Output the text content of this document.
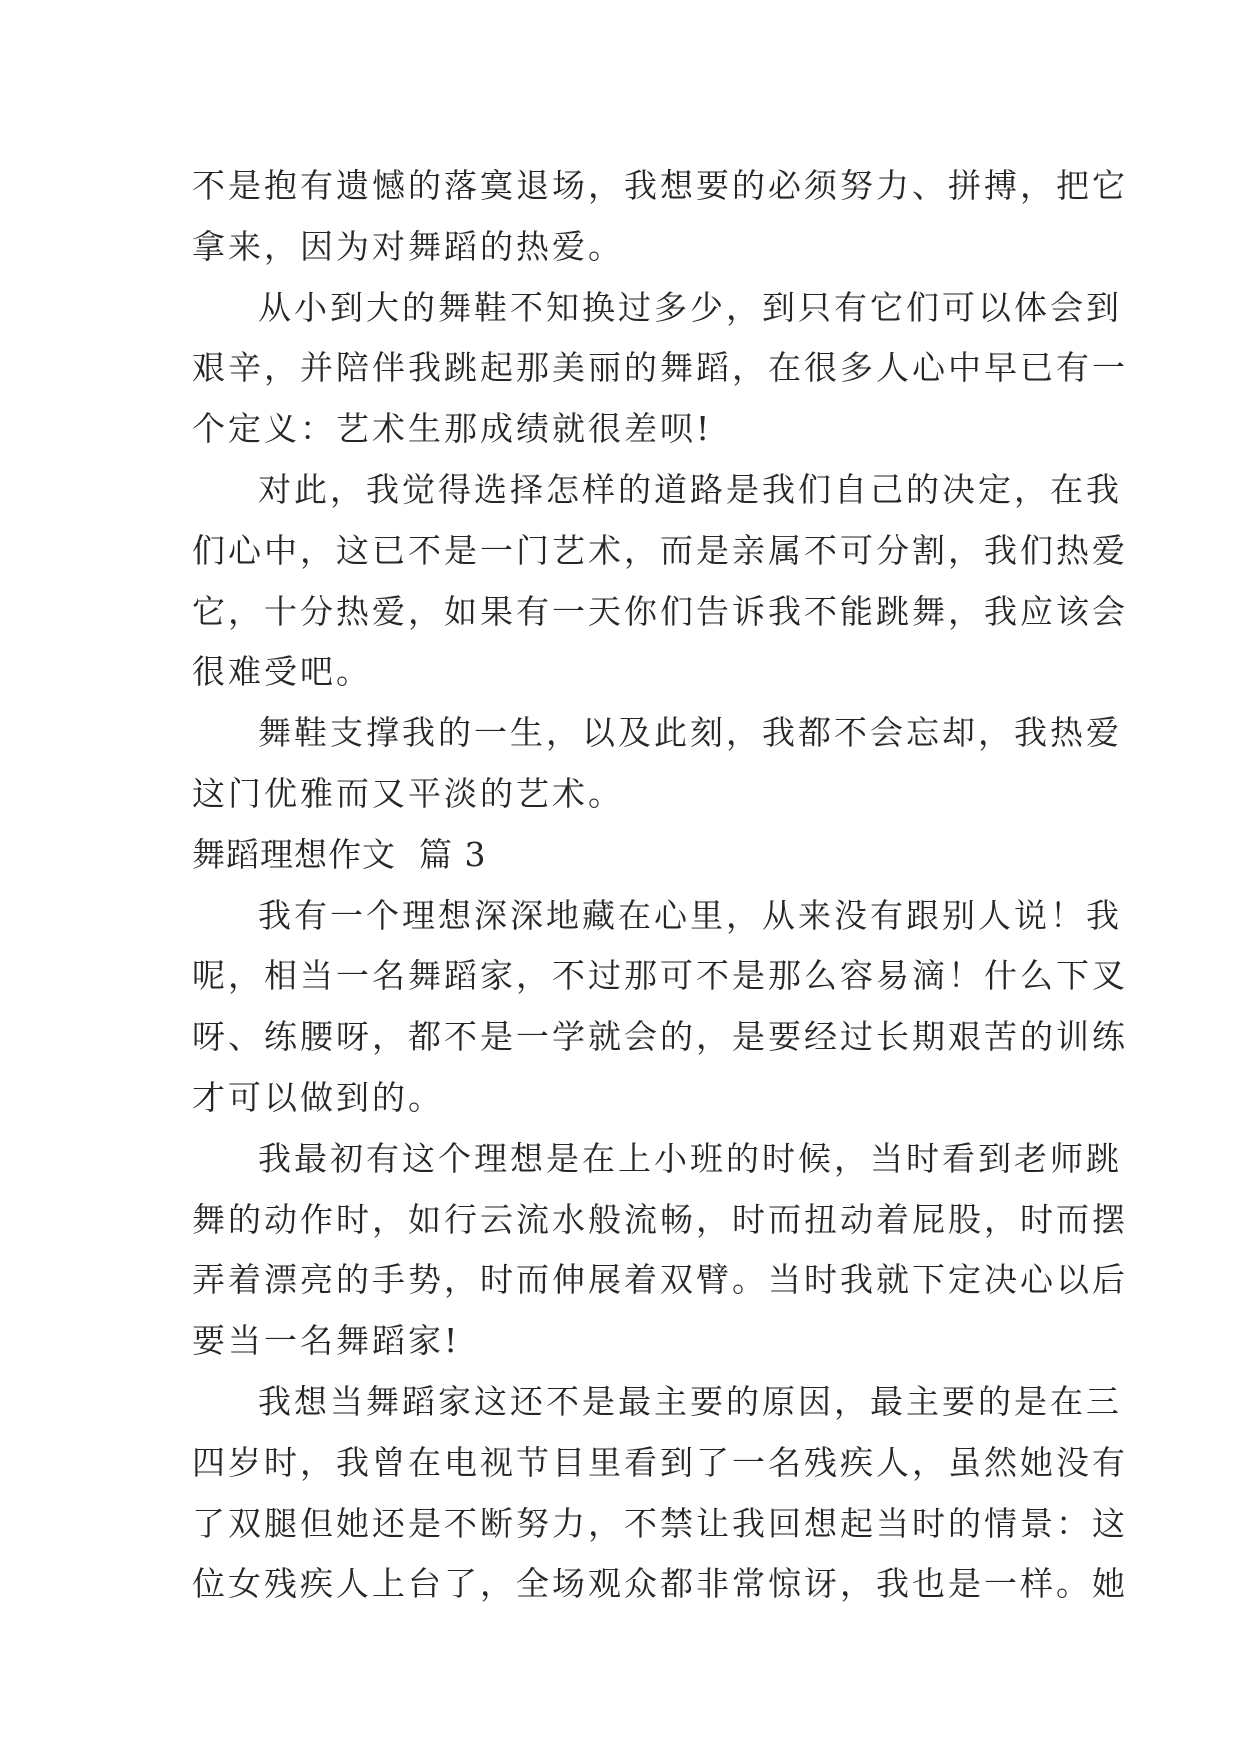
不是抱有遗憾的落寞退场，我想要的必须努力、拼搏，把它
拿来，因为对舞蹈的热爱。

从小到大的舞鞋不知换过多少，到只有它们可以体会到
艰辛，并陪伴我跳起那美丽的舞蹈，在很多人心中早已有一
个定义：艺术生那成绩就很差呗!

对此，我觉得选择怎样的道路是我们自己的决定，在我
们心中，这已不是一门艺术，而是亲属不可分割，我们热爱
它，十分热爱，如果有一天你们告诉我不能跳舞，我应该会
很难受吧。

舞鞋支撑我的一生，以及此刻，我都不会忘却，我热爱
这门优雅而又平淡的艺术。

舞蹈理想作文  篇 3

我有一个理想深深地藏在心里，从来没有跟别人说！我
呢，相当一名舞蹈家，不过那可不是那么容易滴！什么下叉
呀、练腰呀，都不是一学就会的，是要经过长期艰苦的训练
才可以做到的。

我最初有这个理想是在上小班的时候，当时看到老师跳
舞的动作时，如行云流水般流畅，时而扭动着屁股，时而摆
弄着漂亮的手势，时而伸展着双臂。当时我就下定决心以后
要当一名舞蹈家!

我想当舞蹈家这还不是最主要的原因，最主要的是在三
四岁时，我曾在电视节目里看到了一名残疾人，虽然她没有
了双腿但她还是不断努力，不禁让我回想起当时的情景：这
位女残疾人上台了，全场观众都非常惊讶，我也是一样。她
